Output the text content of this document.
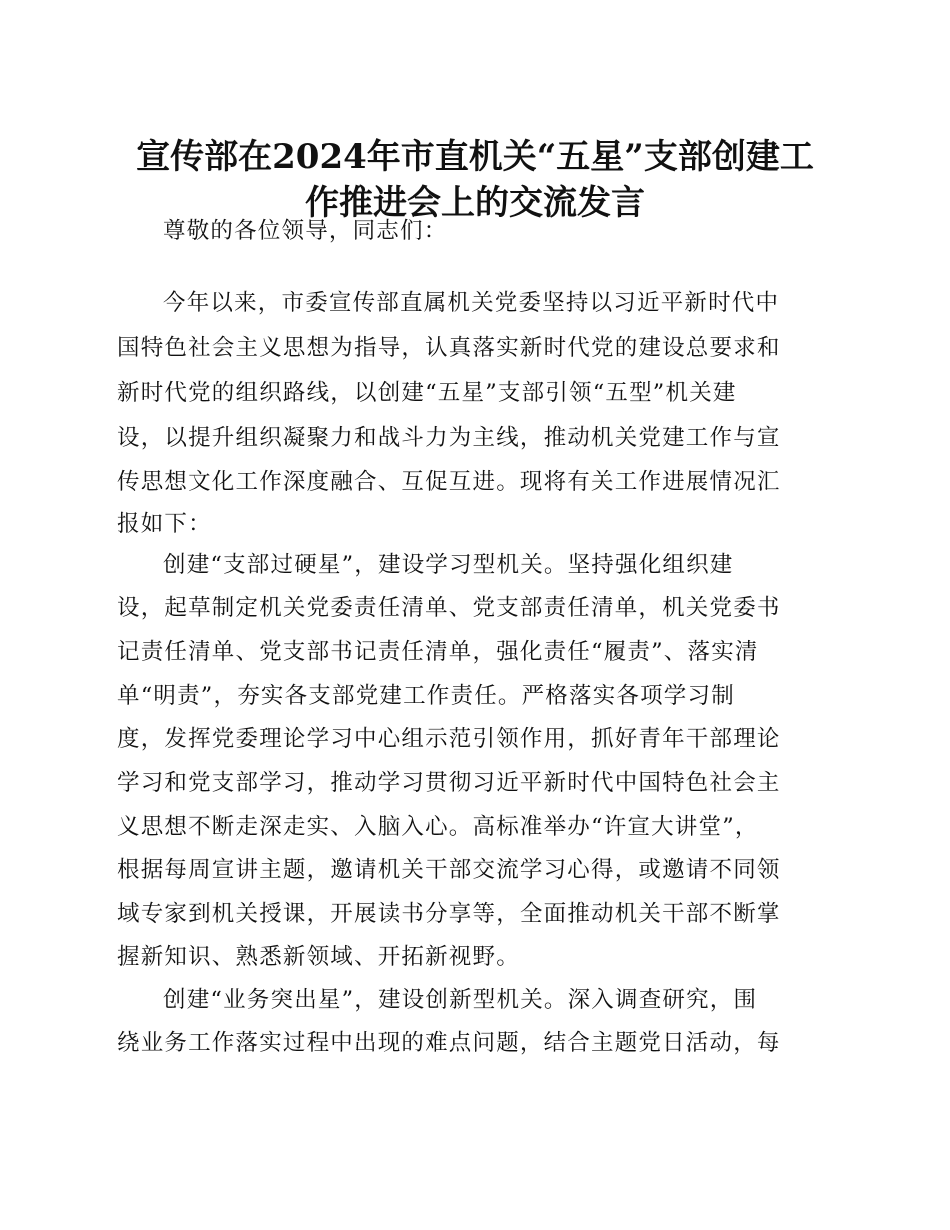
宣传部在2024年市直机关“五星”支部创建工
作推进会上的交流发言
尊敬的各位领导，同志们：
今年以来，市委宣传部直属机关党委坚持以习近平新时代中
国特色社会主义思想为指导，认真落实新时代党的建设总要求和
新时代党的组织路线，以创建“五星”支部引领“五型”机关建
设，以提升组织凝聚力和战斗力为主线，推动机关党建工作与宣
传思想文化工作深度融合、互促互进。现将有关工作进展情况汇
报如下：
创建“支部过硬星”，建设学习型机关。坚持强化组织建
设，起草制定机关党委责任清单、党支部责任清单，机关党委书
记责任清单、党支部书记责任清单，强化责任“履责”、落实清
单“明责”，夯实各支部党建工作责任。严格落实各项学习制
度，发挥党委理论学习中心组示范引领作用，抓好青年干部理论
学习和党支部学习，推动学习贯彻习近平新时代中国特色社会主
义思想不断走深走实、入脑入心。高标准举办“许宣大讲堂”，
根据每周宣讲主题，邀请机关干部交流学习心得，或邀请不同领
域专家到机关授课，开展读书分享等，全面推动机关干部不断掌
握新知识、熟悉新领域、开拓新视野。
创建“业务突出星”，建设创新型机关。深入调查研究，围
绕业务工作落实过程中出现的难点问题，结合主题党日活动，每
